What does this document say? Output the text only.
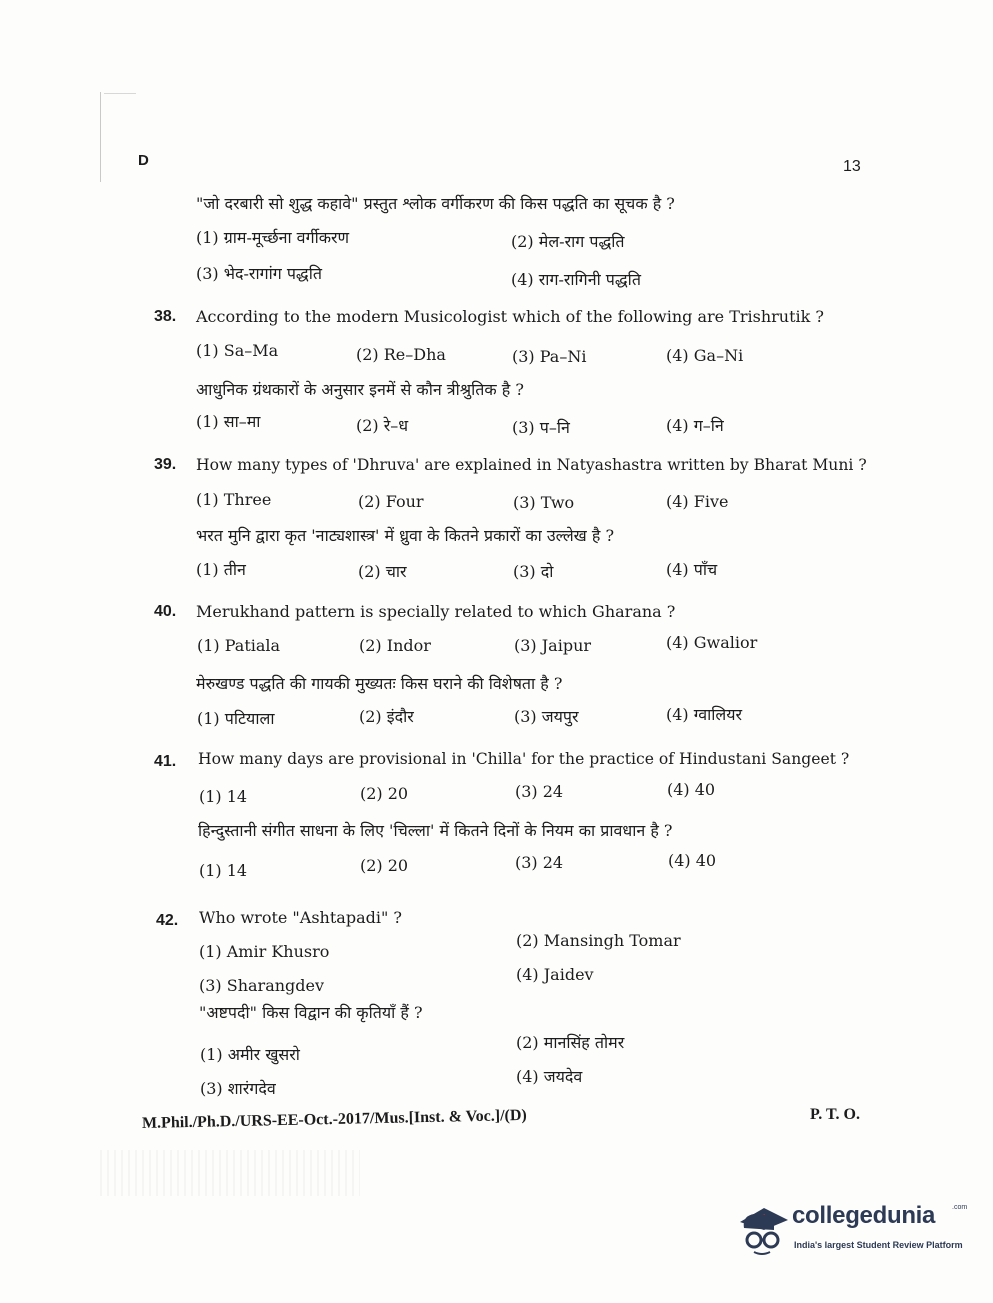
D	13
"जो दरबारी सो शुद्ध कहावे" प्रस्तुत श्लोक वर्गीकरण की किस पद्धति का सूचक है ?
(1) ग्राम-मूर्च्छना वर्गीकरण	(2) मेल-राग पद्धति
(3) भेद-रागांग पद्धति	(4) राग-रागिनी पद्धति
38. According to the modern Musicologist which of the following are Trishrutik ?
(1) Sa–Ma	(2) Re–Dha	(3) Pa–Ni	(4) Ga–Ni
आधुनिक ग्रंथकारों के अनुसार इनमें से कौन त्रीश्रुतिक है ?
(1) सा–मा	(2) रे–ध	(3) प–नि	(4) ग–नि
39. How many types of 'Dhruva' are explained in Natyashastra written by Bharat Muni ?
(1) Three	(2) Four	(3) Two	(4) Five
भरत मुनि द्वारा कृत 'नाट्यशास्त्र' में ध्रुवा के कितने प्रकारों का उल्लेख है ?
(1) तीन	(2) चार	(3) दो	(4) पाँच
40. Merukhand pattern is specially related to which Gharana ?
(1) Patiala	(2) Indor	(3) Jaipur	(4) Gwalior
मेरुखण्ड पद्धति की गायकी मुख्यतः किस घराने की विशेषता है ?
(1) पटियाला	(2) इंदौर	(3) जयपुर	(4) ग्वालियर
41. How many days are provisional in 'Chilla' for the practice of Hindustani Sangeet ?
(1) 14	(2) 20	(3) 24	(4) 40
हिन्दुस्तानी संगीत साधना के लिए 'चिल्ला' में कितने दिनों के नियम का प्रावधान है ?
(1) 14	(2) 20	(3) 24	(4) 40
42. Who wrote "Ashtapadi" ?
(1) Amir Khusro
(2) Mansingh Tomar
(3) Sharangdev
(4) Jaidev
"अष्टपदी" किस विद्वान की कृतियाँ हैं ?
(1) अमीर खुसरो
(2) मानसिंह तोमर
(3) शारंगदेव
(4) जयदेव
M.Phil./Ph.D./URS-EE-Oct.-2017/Mus.[Inst. & Voc.]/(D)	P. T. O.
collegedunia .com
India's largest Student Review Platform
